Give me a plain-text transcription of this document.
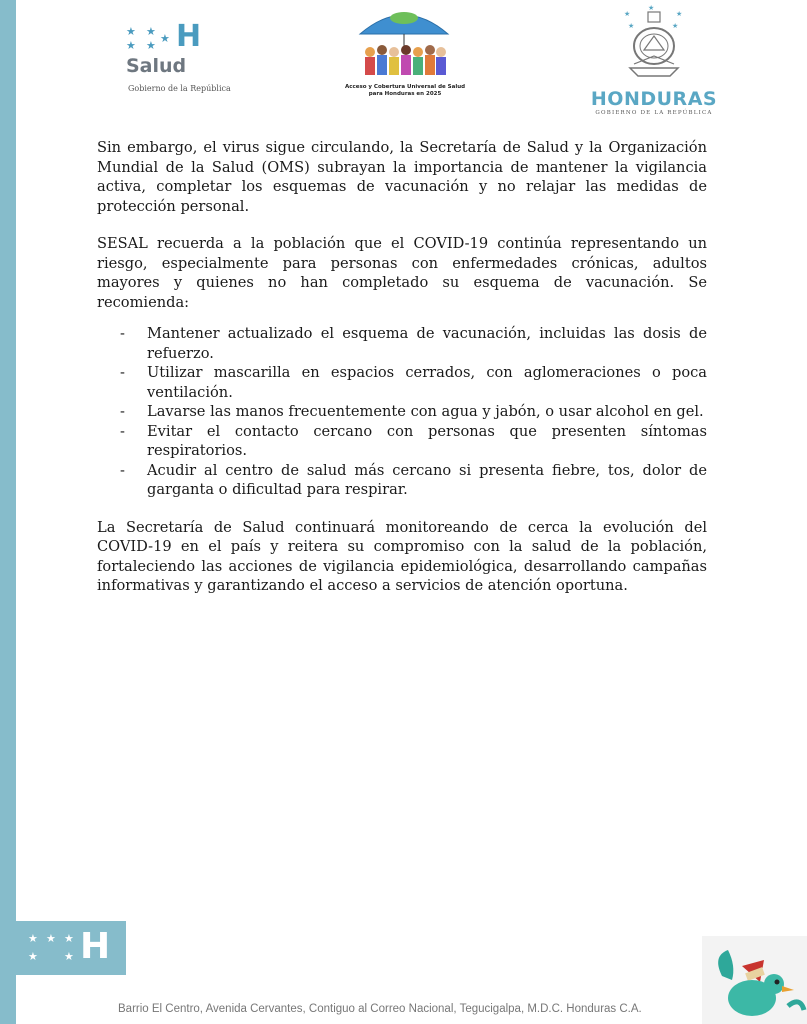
★ ★
★ ★
★ H
Salud
Gobierno de la República	Acceso y Cobertura Universal de Salud
para Honduras en 2025
★
★
★
★	★
HONDURAS
GOBIERNO DE LA REPÚBLICA

Sin embargo, el virus sigue circulando, la Secretaría de Salud y la Organización Mundial de la Salud (OMS) subrayan la importancia de mantener la vigilancia activa, completar los esquemas de vacunación y no relajar las medidas de protección personal.

SESAL recuerda a la población que el COVID-19 continúa representando un riesgo, especialmente para personas con enfermedades crónicas, adultos mayores y quienes no han completado su esquema de vacunación. Se recomienda:

- Mantener actualizado el esquema de vacunación, incluidas las dosis de refuerzo.
- Utilizar mascarilla en espacios cerrados, con aglomeraciones o poca ventilación.
- Lavarse las manos frecuentemente con agua y jabón, o usar alcohol en gel.
- Evitar el contacto cercano con personas que presenten síntomas respiratorios.
- Acudir al centro de salud más cercano si presenta fiebre, tos, dolor de garganta o dificultad para respirar.

La Secretaría de Salud continuará monitoreando de cerca la evolución del COVID-19 en el país y reitera su compromiso con la salud de la población, fortaleciendo las acciones de vigilancia epidemiológica, desarrollando campañas informativas y garantizando el acceso a servicios de atención oportuna.

★ ★ ★
★ ★ H
Barrio El Centro, Avenida Cervantes, Contiguo al Correo Nacional, Tegucigalpa, M.D.C. Honduras C.A.
